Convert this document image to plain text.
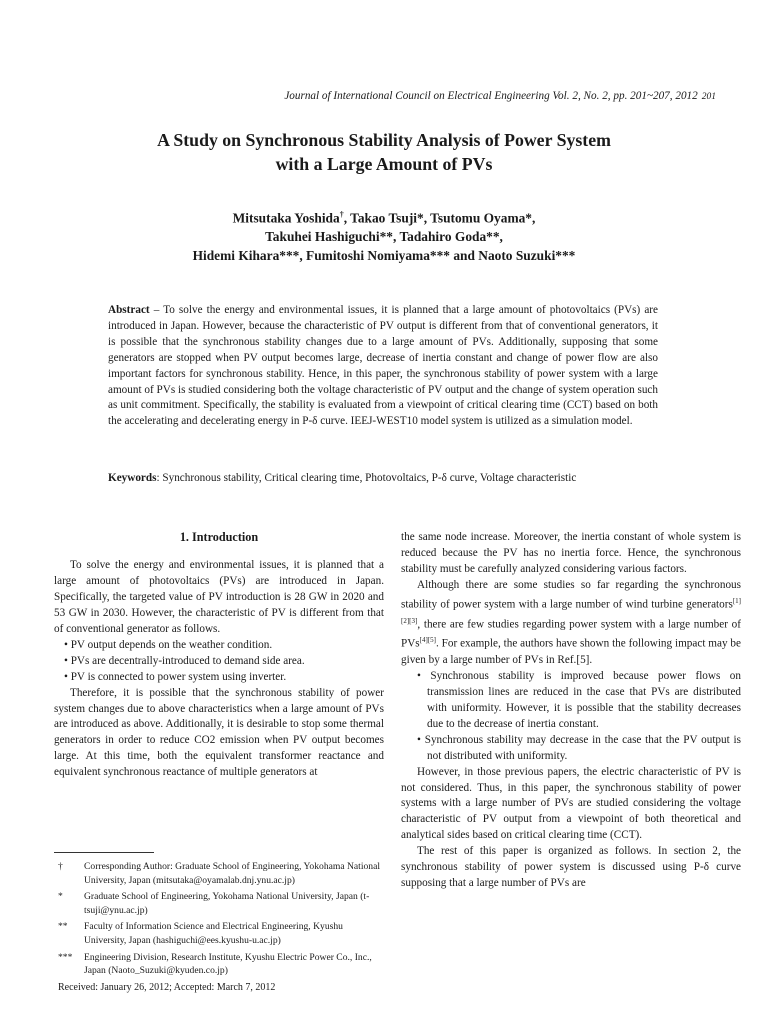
Journal of International Council on Electrical Engineering Vol. 2, No. 2, pp. 201~207, 2012 201
A Study on Synchronous Stability Analysis of Power System
with a Large Amount of PVs
Mitsutaka Yoshida†, Takao Tsuji*, Tsutomu Oyama*,
Takuhei Hashiguchi**, Tadahiro Goda**,
Hidemi Kihara***, Fumitoshi Nomiyama*** and Naoto Suzuki***
Abstract – To solve the energy and environmental issues, it is planned that a large amount of photovoltaics (PVs) are introduced in Japan. However, because the characteristic of PV output is different from that of conventional generators, it is possible that the synchronous stability changes due to a large amount of PVs. Additionally, supposing that some generators are stopped when PV output becomes large, decrease of inertia constant and change of power flow are also important factors for synchronous stability. Hence, in this paper, the synchronous stability of power system with a large amount of PVs is studied considering both the voltage characteristic of PV output and the change of system operation such as unit commitment. Specifically, the stability is evaluated from a viewpoint of critical clearing time (CCT) based on both the accelerating and decelerating energy in P-δ curve. IEEJ-WEST10 model system is utilized as a simulation model.
Keywords: Synchronous stability, Critical clearing time, Photovoltaics, P-δ curve, Voltage characteristic

1. Introduction

To solve the energy and environmental issues, it is planned that a large amount of photovoltaics (PVs) are introduced in Japan. Specifically, the targeted value of PV introduction is 28 GW in 2020 and 53 GW in 2030. However, the characteristic of PV is different from that of conventional generator as follows.

• PV output depends on the weather condition.

• PVs are decentrally-introduced to demand side area.

• PV is connected to power system using inverter.

Therefore, it is possible that the synchronous stability of power system changes due to above characteristics when a large amount of PVs are introduced as above. Additionally, it is desirable to stop some thermal generators in order to reduce CO2 emission when PV output becomes large. At this time, both the equivalent transformer reactance and equivalent synchronous reactance of multiple generators at

the same node increase. Moreover, the inertia constant of whole system is reduced because the PV has no inertia force. Hence, the synchronous stability must be carefully analyzed considering various factors.

Although there are some studies so far regarding the synchronous stability of power system with a large number of wind turbine generators[1][2][3], there are few studies regarding power system with a large number of PVs[4][5]. For example, the authors have shown the following impact may be given by a large number of PVs in Ref.[5].

• Synchronous stability is improved because power flows on transmission lines are reduced in the case that PVs are distributed with uniformity. However, it is possible that the stability decreases due to the decrease of inertia constant.

• Synchronous stability may decrease in the case that the PV output is not distributed with uniformity.

However, in those previous papers, the electric characteristic of PV is not considered. Thus, in this paper, the synchronous stability of power systems with a large number of PVs are studied considering the voltage characteristic of PV output from a viewpoint of both theoretical and analytical sides based on critical clearing time (CCT).

The rest of this paper is organized as follows. In section 2, the synchronous stability of power system is discussed using P-δ curve supposing that a large number of PVs are

†	Corresponding Author: Graduate School of Engineering, Yokohama National University, Japan (mitsutaka@oyamalab.dnj.ynu.ac.jp)
*	Graduate School of Engineering, Yokohama National University, Japan (t-tsuji@ynu.ac.jp)
**	Faculty of Information Science and Electrical Engineering, Kyushu University, Japan (hashiguchi@ees.kyushu-u.ac.jp)
***	Engineering Division, Research Institute, Kyushu Electric Power Co., Inc., Japan (Naoto_Suzuki@kyuden.co.jp)
Received: January 26, 2012; Accepted: March 7, 2012
